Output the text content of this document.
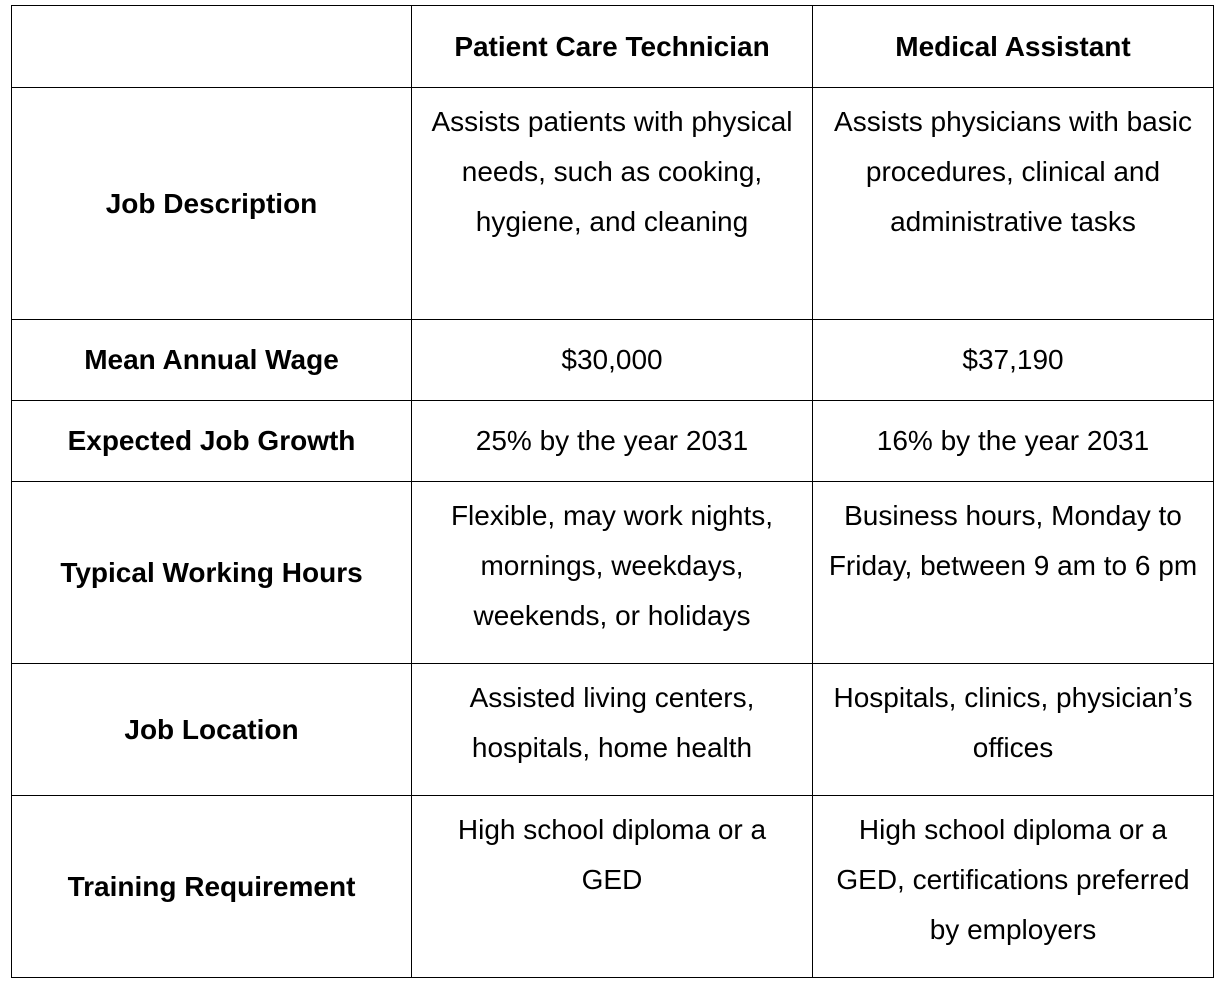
	Patient Care Technician	Medical Assistant
Job Description	Assists patients with physical needs, such as cooking, hygiene, and cleaning	Assists physicians with basic procedures, clinical and administrative tasks
Mean Annual Wage	$30,000	$37,190
Expected Job Growth	25% by the year 2031	16% by the year 2031
Typical Working Hours	Flexible, may work nights, mornings, weekdays, weekends, or holidays	Business hours, Monday to Friday, between 9 am to 6 pm
Job Location	Assisted living centers, hospitals, home health	Hospitals, clinics, physician’s offices
Training Requirement	High school diploma or a GED	High school diploma or a GED, certifications preferred by employers
